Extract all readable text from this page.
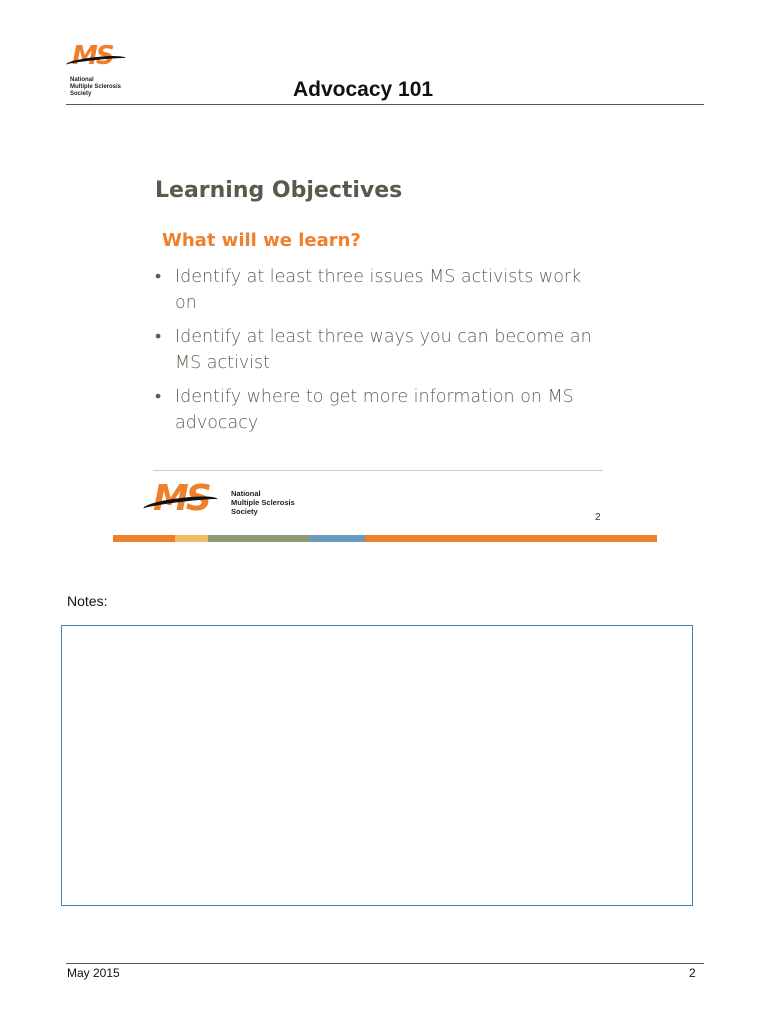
MS
National
Multiple Sclerosis
Society	Advocacy 101
Learning Objectives
What will we learn?
• Identify at least three issues MS activists work on
• Identify at least three ways you can become an MS activist
• Identify where to get more information on MS advocacy
MS	National
Multiple Sclerosis
Society
2
Notes:
May 2015	2
